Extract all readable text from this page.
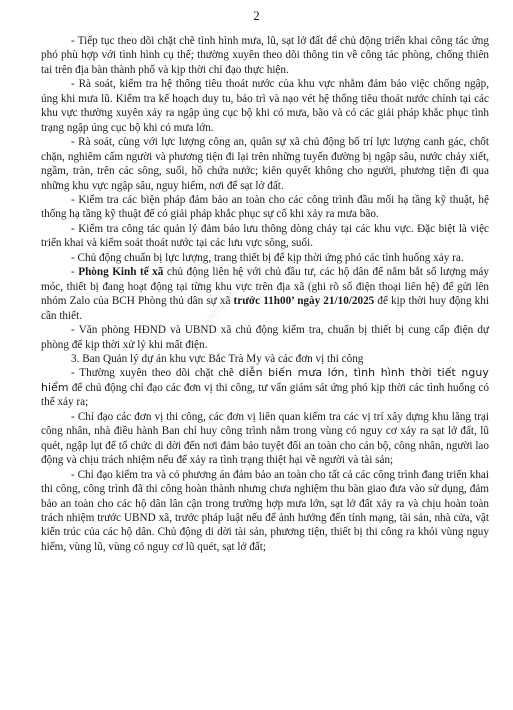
2
vbpl.thuvienphapluat.vn

- Tiếp tục theo dõi chặt chẽ tình hình mưa, lũ, sạt lở đất để chủ động triển khai công tác ứng phó phù hợp với tình hình cụ thể; thường xuyên theo dõi thông tin về công tác phòng, chống thiên tai trên địa bàn thành phố và kịp thời chỉ đạo thực hiện.

- Rà soát, kiểm tra hệ thống tiêu thoát nước của khu vực nhằm đảm bảo việc chống ngập, úng khi mưa lũ. Kiểm tra kế hoạch duy tu, bảo trì và nạo vét hệ thống tiêu thoát nước chính tại các khu vực thường xuyên xảy ra ngập úng cục bộ khi có mưa, bão và có các giải pháp khắc phục tình trạng ngập úng cục bộ khi có mưa lớn.

- Rà soát, cùng với lực lượng công an, quân sự xã chủ động bố trí lực lượng canh gác, chốt chặn, nghiêm cấm người và phương tiện đi lại trên những tuyến đường bị ngập sâu, nước chảy xiết, ngầm, tràn, trên các sông, suối, hồ chứa nước; kiên quyết không cho người, phương tiện đi qua những khu vực ngập sâu, nguy hiểm, nơi để sạt lở đất.

- Kiểm tra các biện pháp đảm bảo an toàn cho các công trình đầu mối hạ tầng kỹ thuật, hệ thống hạ tầng kỹ thuật để có giải pháp khắc phục sự cố khi xảy ra mưa bão.

- Kiểm tra công tác quản lý đảm bảo lưu thông dòng chảy tại các khu vực. Đặc biệt là việc triển khai và kiểm soát thoát nước tại các lưu vực sông, suối.

- Chủ động chuẩn bị lực lượng, trang thiết bị để kịp thời ứng phó các tình huống xảy ra.

- Phòng Kinh tế xã chủ động liên hệ với chủ đầu tư, các hộ dân để nắm bắt số lượng máy móc, thiết bị đang hoạt động tại từng khu vực trên địa xã (ghi rõ số điện thoại liên hệ) để gửi lên nhóm Zalo của BCH Phòng thủ dân sự xã trước 11h00’ ngày 21/10/2025 để kịp thời huy động khi cần thiết.

- Văn phòng HĐND và UBND xã chủ động kiểm tra, chuẩn bị thiết bị cung cấp điện dự phòng để kịp thời xử lý khi mất điện.

3. Ban Quản lý dự án khu vực Bắc Trà My và các đơn vị thi công

- Thường xuyên theo dõi chặt chẽ diễn biến mưa lớn, tình hình thời tiết nguy hiểm để chủ động chỉ đạo các đơn vị thi công, tư vấn giám sát ứng phó kịp thời các tình huống có thể xảy ra;

- Chỉ đạo các đơn vị thi công, các đơn vị liên quan kiểm tra các vị trí xây dựng khu lăng trại công nhân, nhà điều hành Ban chỉ huy công trình nằm trong vùng có nguy cơ xảy ra sạt lở đất, lũ quét, ngập lụt để tổ chức di dời đến nơi đảm bảo tuyệt đối an toàn cho cán bộ, công nhân, người lao động và chịu trách nhiệm nếu để xảy ra tình trạng thiệt hại về người và tài sản;

- Chỉ đạo kiểm tra và có phương án đảm bảo an toàn cho tất cả các công trình đang triển khai thi công, công trình đã thi công hoàn thành nhưng chưa nghiệm thu bàn giao đưa vào sử dụng, đảm bảo an toàn cho các hộ dân lân cận trong trường hợp mưa lớn, sạt lở đất xảy ra và chịu hoàn toàn trách nhiệm trước UBND xã, trước pháp luật nếu để ảnh hưởng đến tính mạng, tài sản, nhà cửa, vật kiến trúc của các hộ dân. Chủ động di dời tài sản, phương tiện, thiết bị thi công ra khỏi vùng nguy hiểm, vùng lũ, vùng có nguy cơ lũ quét, sạt lở đất;
